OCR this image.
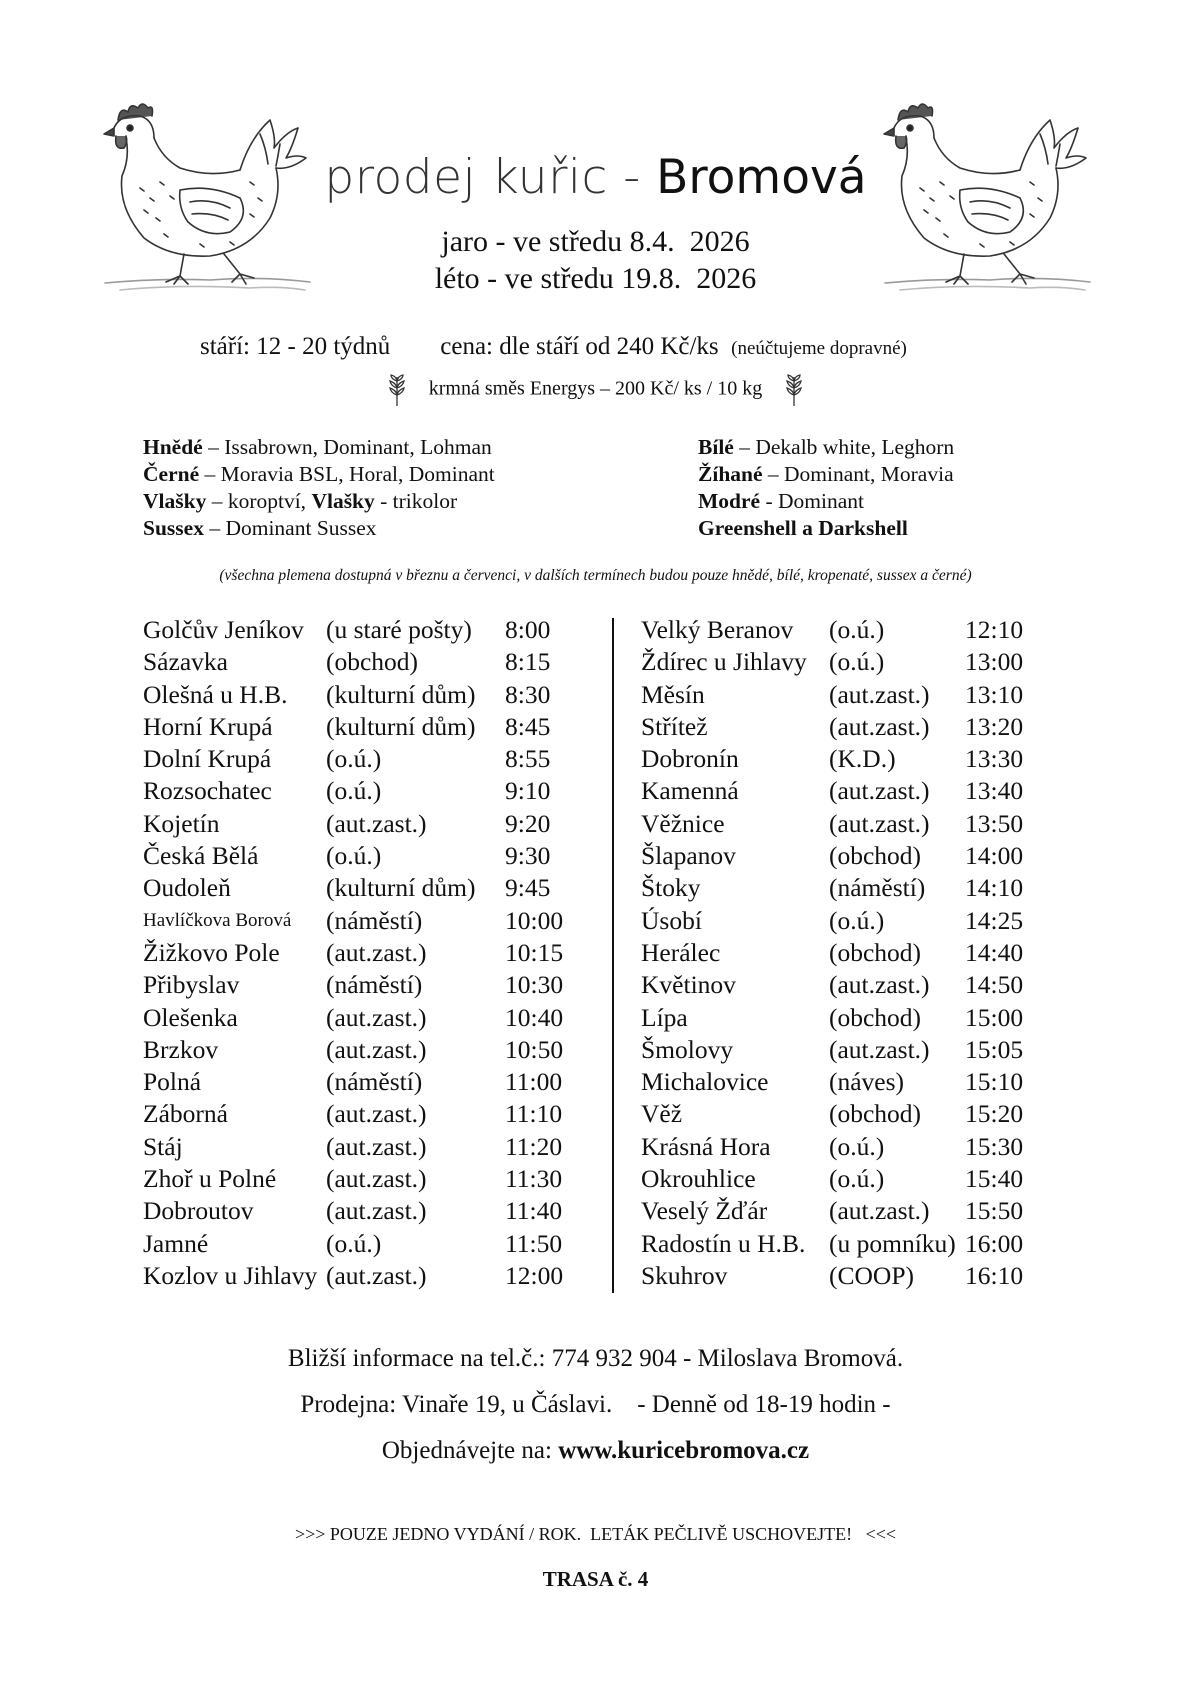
prodej kuřic - Bromová
jaro - ve středu 8.4.  2026
léto - ve středu 19.8.  2026
stáří: 12 - 20 týdnů cena: dle stáří od 240 Kč/ks (neúčtujeme dopravné)
krmná směs Energys – 200 Kč/ ks / 10 kg
Hnědé – Issabrown, Dominant, Lohman
Černé – Moravia BSL, Horal, Dominant
Vlašky – koroptví, Vlašky - trikolor
Sussex – Dominant Sussex
Bílé – Dekalb white, Leghorn
Žíhané – Dominant, Moravia
Modré - Dominant
Greenshell a Darkshell
(všechna plemena dostupná v březnu a červenci, v dalších termínech budou pouze hnědé, bílé, kropenaté, sussex a černé)
Golčův Jeníkov (u staré pošty) 8:00
Sázavka	(obchod)	8:15
Olešná u H.B. (kulturní dům) 8:30
Horní Krupá (kulturní dům) 8:45
Dolní Krupá (o.ú.)	8:55
Rozsochatec (o.ú.)	9:10
Kojetín	(aut.zast.)	9:20
Česká Bělá	(o.ú.)	9:30
Oudoleň	(kulturní dům) 9:45
Havlíčkova Borová (náměstí)	10:00
Žižkovo Pole (aut.zast.)	10:15
Přibyslav	(náměstí)	10:30
Olešenka	(aut.zast.)	10:40
Brzkov	(aut.zast.)	10:50
Polná	(náměstí)	11:00
Záborná	(aut.zast.)	11:10
Stáj	(aut.zast.)	11:20
Zhoř u Polné (aut.zast.)	11:30
Dobroutov	(aut.zast.)	11:40
Jamné	(o.ú.)	11:50
Kozlov u Jihlavy (aut.zast.)	12:00
Velký Beranov (o.ú.)	12:10
Ždírec u Jihlavy (o.ú.)	13:00
Měsín	(aut.zast.) 13:10
Střítež	(aut.zast.) 13:20
Dobronín	(K.D.)	13:30
Kamenná	(aut.zast.) 13:40
Věžnice	(aut.zast.) 13:50
Šlapanov	(obchod) 14:00
Štoky	(náměstí) 14:10
Úsobí	(o.ú.)	14:25
Herálec	(obchod) 14:40
Květinov	(aut.zast.) 14:50
Lípa	(obchod) 15:00
Šmolovy	(aut.zast.) 15:05
Michalovice (náves) 15:10
Věž	(obchod) 15:20
Krásná Hora (o.ú.)	15:30
Okrouhlice	(o.ú.)	15:40
Veselý Žďár (aut.zast.) 15:50
Radostín u H.B. (u pomníku) 16:00
Skuhrov	(COOP) 16:10
Bližší informace na tel.č.: 774 932 904 - Miloslava Bromová.
Prodejna: Vinaře 19, u Čáslavi.    - Denně od 18-19 hodin -
Objednávejte na: www.kuricebromova.cz
>>> POUZE JEDNO VYDÁNÍ / ROK.  LETÁK PEČLIVĚ USCHOVEJTE!   <<<
TRASA č. 4
